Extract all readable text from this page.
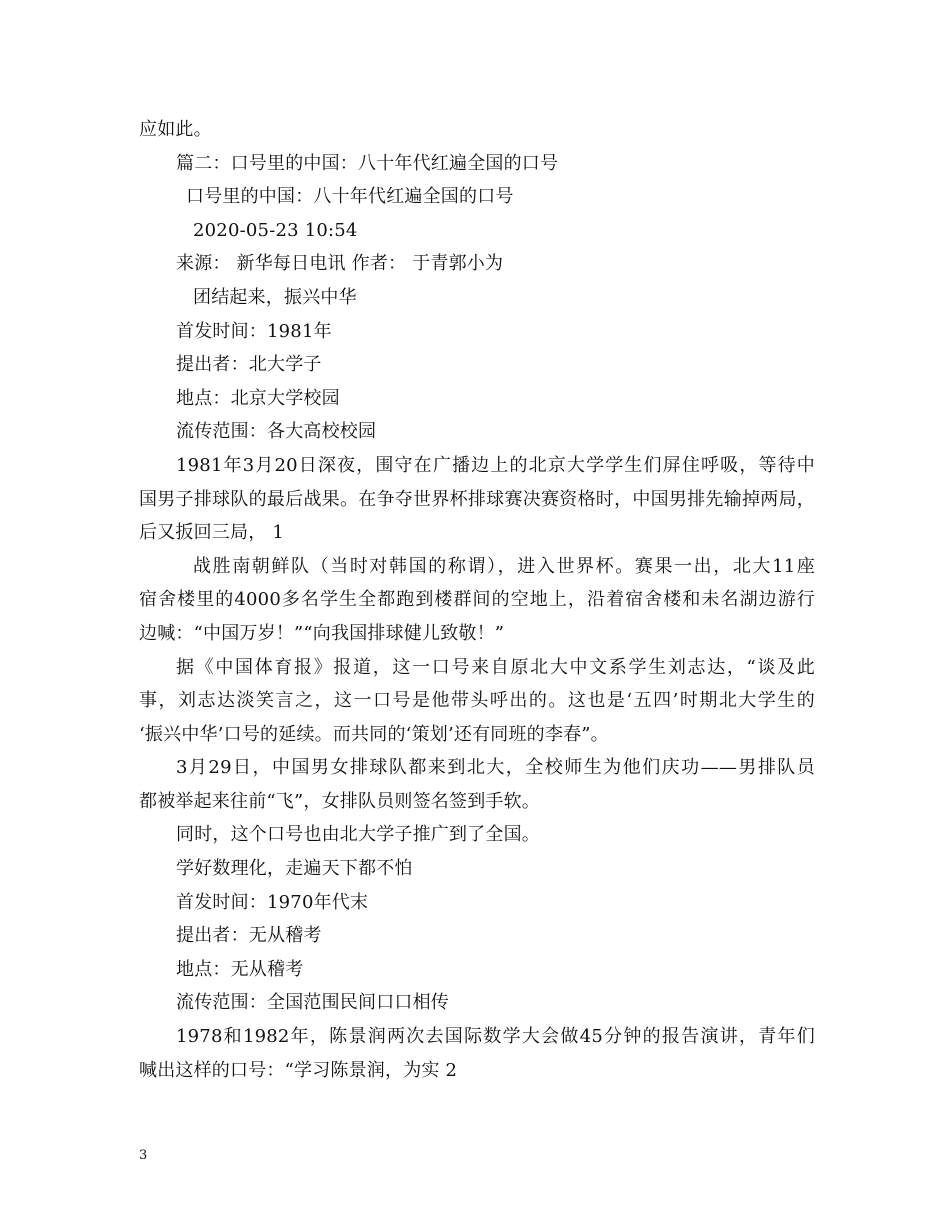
应如此。
篇二：口号里的中国：八十年代红遍全国的口号
口号里的中国：八十年代红遍全国的口号
2020-05-23 10:54
来源： 新华每日电讯 作者： 于青郭小为
团结起来，振兴中华
首发时间：1981年
提出者：北大学子
地点：北京大学校园
流传范围：各大高校校园
1981年3月20日深夜，围守在广播边上的北京大学学生们屏住呼吸，等待中
国男子排球队的最后战果。在争夺世界杯排球赛决赛资格时，中国男排先输掉两局，
后又扳回三局， 1
战胜南朝鲜队（当时对韩国的称谓），进入世界杯。赛果一出，北大11座
宿舍楼里的4000多名学生全都跑到楼群间的空地上，沿着宿舍楼和未名湖边游行
边喊：“中国万岁！”“向我国排球健儿致敬！”
据《中国体育报》报道，这一口号来自原北大中文系学生刘志达，“谈及此
事，刘志达淡笑言之，这一口号是他带头呼出的。这也是‘五四’时期北大学生的
‘振兴中华’口号的延续。而共同的‘策划’还有同班的李春”。
3月29日，中国男女排球队都来到北大，全校师生为他们庆功——男排队员
都被举起来往前“飞”，女排队员则签名签到手软。
同时，这个口号也由北大学子推广到了全国。
学好数理化，走遍天下都不怕
首发时间：1970年代末
提出者：无从稽考
地点：无从稽考
流传范围：全国范围民间口口相传
1978和1982年，陈景润两次去国际数学大会做45分钟的报告演讲，青年们
喊出这样的口号：“学习陈景润，为实 2
3
